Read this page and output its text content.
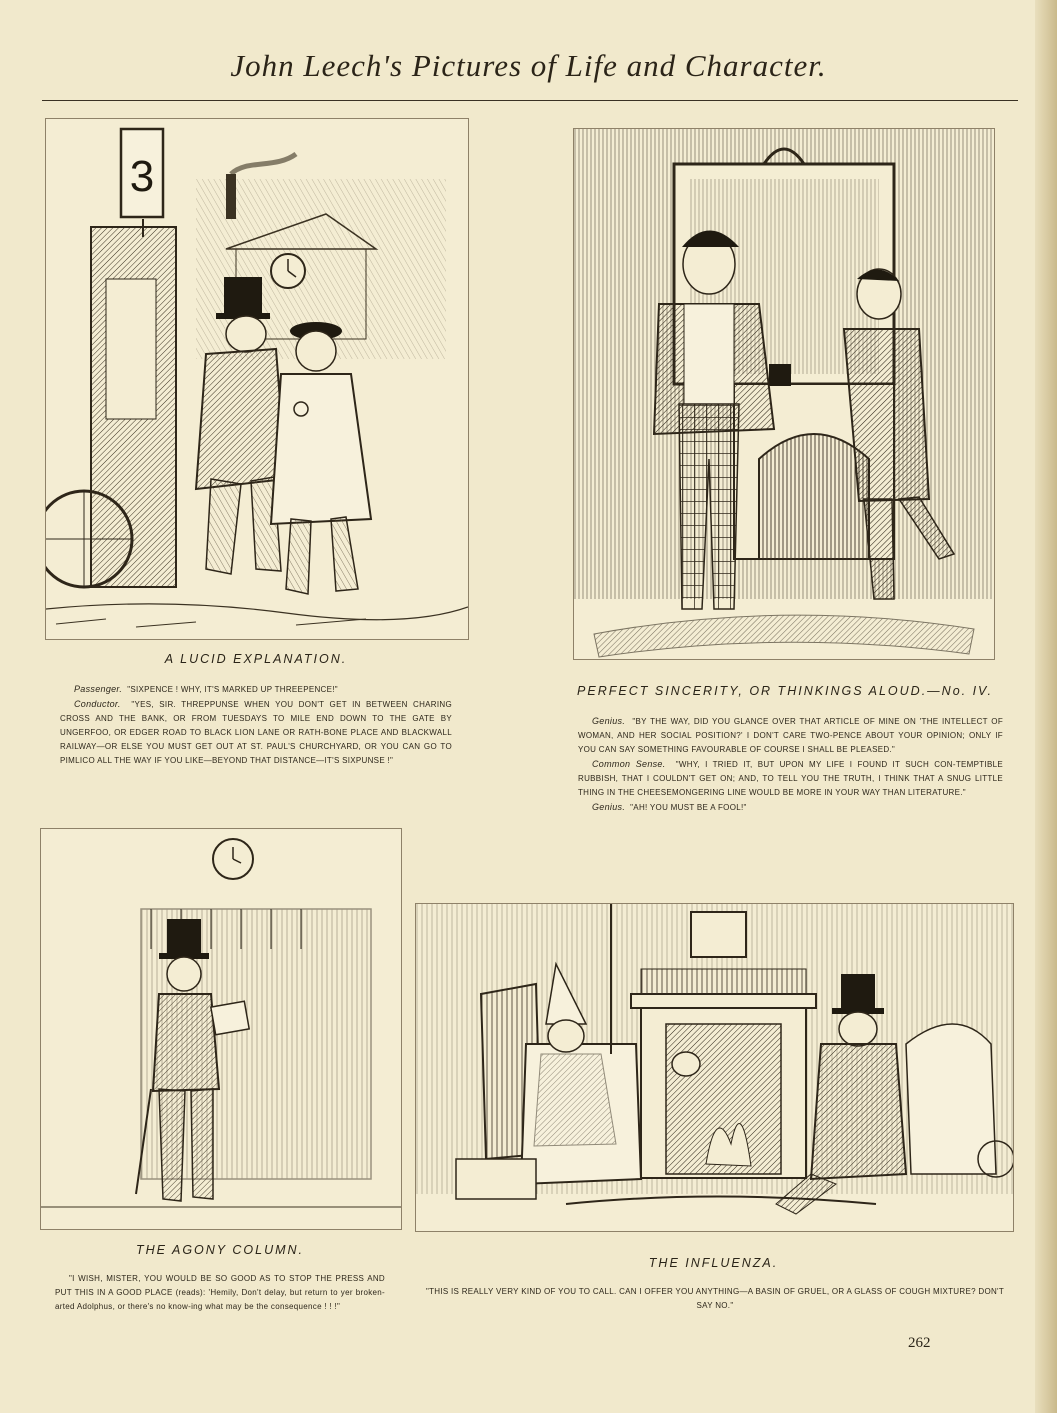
John Leech's Pictures of Life and Character.
3
A LUCID EXPLANATION.

Passenger. "SIXPENCE ! WHY, IT'S MARKED UP THREEPENCE!"

Conductor. "YES, SIR. THREPPUNSE WHEN YOU DON'T GET IN BETWEEN CHARING CROSS AND THE BANK, OR FROM TUESDAYS TO MILE END DOWN TO THE GATE BY UNGERFOO, OR EDGER ROAD TO BLACK LION LANE OR RATH-BONE PLACE AND BLACKWALL RAILWAY—OR ELSE YOU MUST GET OUT AT ST. PAUL'S CHURCHYARD, OR YOU CAN GO TO PIMLICO ALL THE WAY IF YOU LIKE—BEYOND THAT DISTANCE—IT'S SIXPUNSE !"

PERFECT SINCERITY, OR THINKINGS ALOUD.—No. IV.

Genius. "BY THE WAY, DID YOU GLANCE OVER THAT ARTICLE OF MINE ON 'THE INTELLECT OF WOMAN, AND HER SOCIAL POSITION?' I DON'T CARE TWO-PENCE ABOUT YOUR OPINION; ONLY IF YOU CAN SAY SOMETHING FAVOURABLE OF COURSE I SHALL BE PLEASED."

Common Sense. "WHY, I TRIED IT, BUT UPON MY LIFE I FOUND IT SUCH CON-TEMPTIBLE RUBBISH, THAT I COULDN'T GET ON; AND, TO TELL YOU THE TRUTH, I THINK THAT A SNUG LITTLE THING IN THE CHEESEMONGERING LINE WOULD BE MORE IN YOUR WAY THAN LITERATURE."

Genius. "AH! YOU MUST BE A FOOL!"

THE AGONY COLUMN.

"I WISH, MISTER, YOU WOULD BE SO GOOD AS TO STOP THE PRESS AND PUT THIS IN A GOOD PLACE (reads): 'Hemily, Don't delay, but return to yer broken-arted Adolphus, or there's no know-ing what may be the consequence ! ! !"

THE INFLUENZA.
"THIS IS REALLY VERY KIND OF YOU TO CALL. CAN I OFFER YOU ANYTHING—A BASIN OF GRUEL, OR A GLASS OF COUGH MIXTURE? DON'T SAY NO."
262
